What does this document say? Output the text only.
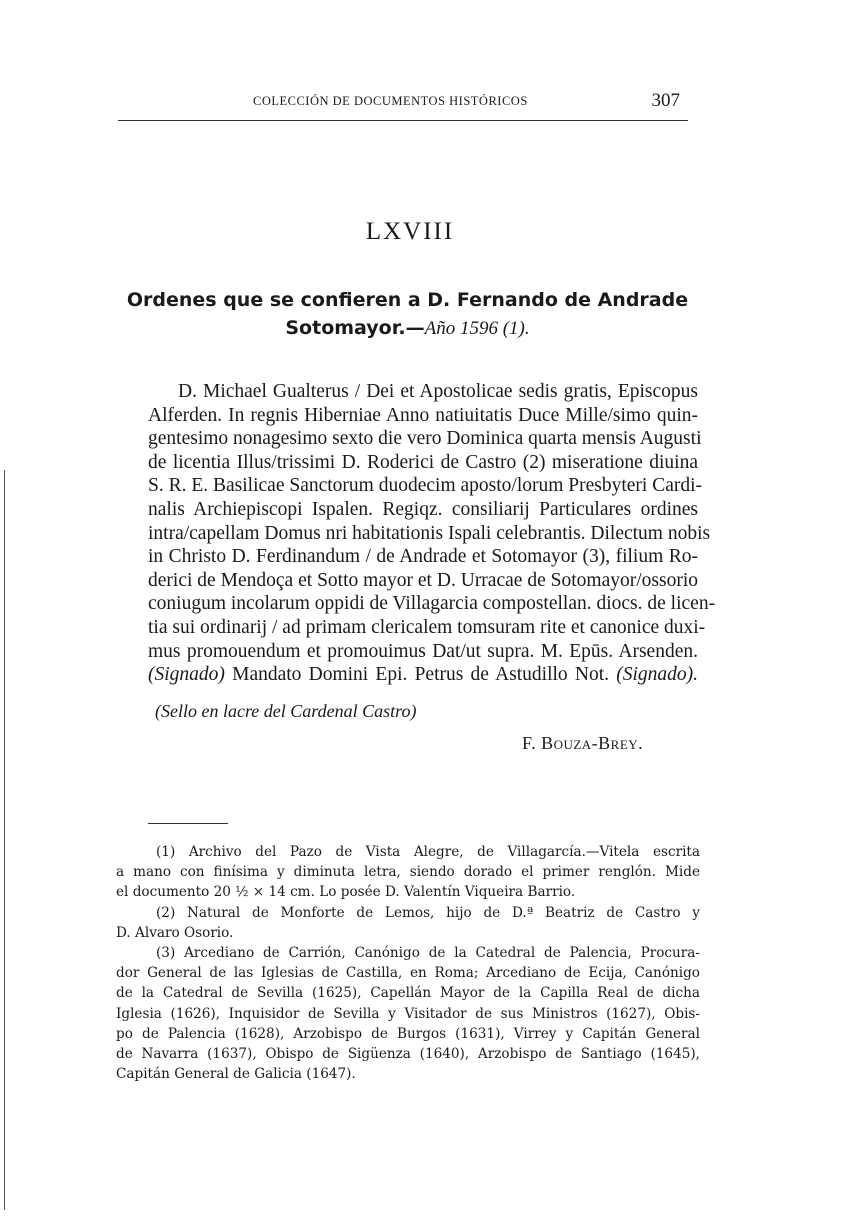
COLECCIÓN DE DOCUMENTOS HISTÓRICOS	307
LXVIII
Ordenes que se confieren a D. Fernando de Andrade
Sotomayor.—Año 1596 (1).
D. Michael Gualterus / Dei et Apostolicae sedis gratis, Episcopus
Alferden. In regnis Hiberniae Anno natiuitatis Duce Mille/simo quin-
gentesimo nonagesimo sexto die vero Dominica quarta mensis Augusti
de licentia Illus/trissimi D. Roderici de Castro (2) miseratione diuina
S. R. E. Basilicae Sanctorum duodecim aposto/lorum Presbyteri Cardi-
nalis Archiepiscopi Ispalen. Regiqz. consiliarij Particulares ordines
intra/capellam Domus nri habitationis Ispali celebrantis. Dilectum nobis
in Christo D. Ferdinandum / de Andrade et Sotomayor (3), filium Ro-
derici de Mendoça et Sotto mayor et D. Urracae de Sotomayor/ossorio
coniugum incolarum oppidi de Villagarcia compostellan. diocs. de licen-
tia sui ordinarij / ad primam clericalem tomsuram rite et canonice duxi-
mus promouendum et promouimus Dat/ut supra. M. Epūs. Arsenden.
(Signado) Mandato Domini Epi. Petrus de Astudillo Not. (Signado).
(Sello en lacre del Cardenal Castro)
F. Bouza-Brey.
(1) Archivo del Pazo de Vista Alegre, de Villagarcía.—Vitela escrita
a mano con finísima y diminuta letra, siendo dorado el primer renglón. Mide
el documento 20 ½ × 14 cm. Lo posée D. Valentín Viqueira Barrio.
(2) Natural de Monforte de Lemos, hijo de D.ª Beatriz de Castro y
D. Alvaro Osorio.
(3) Arcediano de Carrión, Canónigo de la Catedral de Palencia, Procura-
dor General de las Iglesias de Castilla, en Roma; Arcediano de Ecija, Canónigo
de la Catedral de Sevilla (1625), Capellán Mayor de la Capilla Real de dicha
Iglesia (1626), Inquisidor de Sevilla y Visitador de sus Ministros (1627), Obis-
po de Palencia (1628), Arzobispo de Burgos (1631), Virrey y Capitán General
de Navarra (1637), Obispo de Sigüenza (1640), Arzobispo de Santiago (1645),
Capitán General de Galicia (1647).
